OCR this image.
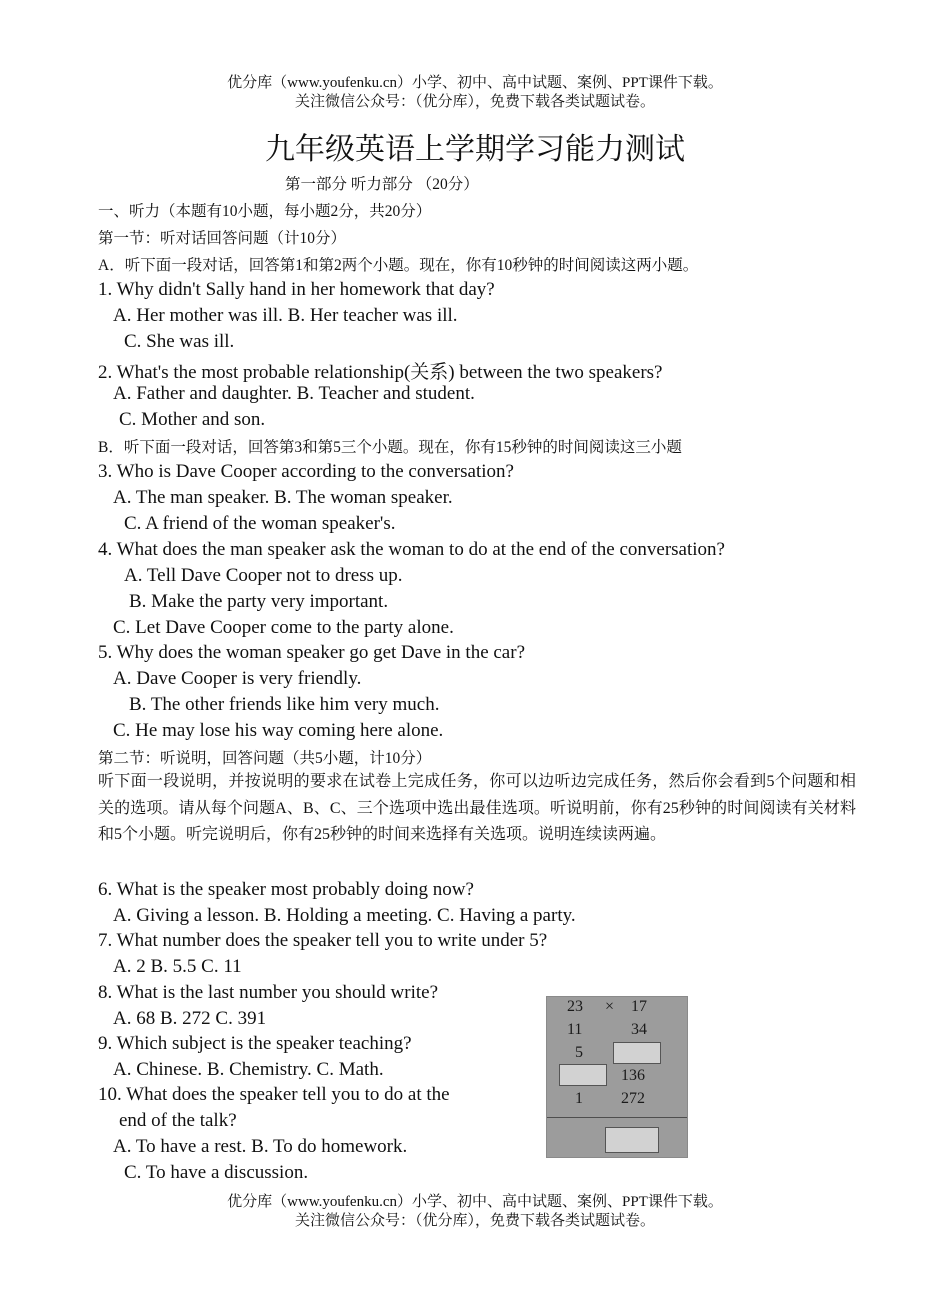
优分库（www.youfenku.cn）小学、初中、高中试题、案例、PPT课件下载。
关注微信公众号：（优分库），免费下载各类试题试卷。
九年级英语上学期学习能力测试
第一部分 听力部分 （20分）
一、听力（本题有10小题，每小题2分，共20分）
第一节：听对话回答问题（计10分）
A．听下面一段对话，回答第1和第2两个小题。现在，你有10秒钟的时间阅读这两小题。
1. Why didn't Sally hand in her homework that day?
A. Her mother was ill. B. Her teacher was ill.
C. She was ill.
2. What's the most probable relationship(关系) between the two speakers?
A. Father and daughter. B. Teacher and student.
C. Mother and son.
B．听下面一段对话，回答第3和第5三个小题。现在，你有15秒钟的时间阅读这三小题
3. Who is Dave Cooper according to the conversation?
A. The man speaker. B. The woman speaker.
C. A friend of the woman speaker's.
4. What does the man speaker ask the woman to do at the end of the conversation?
A. Tell Dave Cooper not to dress up.
B. Make the party very important.
C. Let Dave Cooper come to the party alone.
5. Why does the woman speaker go get Dave in the car?
A. Dave Cooper is very friendly.
B. The other friends like him very much.
C. He may lose his way coming here alone.
第二节：听说明，回答问题（共5小题，计10分）
听下面一段说明，并按说明的要求在试卷上完成任务，你可以边听边完成任务，然后你会看到5个问题和相关的选项。请从每个问题A、B、C、三个选项中选出最佳选项。听说明前，你有25秒钟的时间阅读有关材料和5个小题。听完说明后，你有25秒钟的时间来选择有关选项。说明连续读两遍。
6. What is the speaker most probably doing now?
A. Giving a lesson. B. Holding a meeting. C. Having a party.
7. What number does the speaker tell you to write under 5?
A. 2 B. 5.5 C. 11
8. What is the last number you should write?
A. 68 B. 272 C. 391
9. Which subject is the speaker teaching?
A. Chinese. B. Chemistry. C. Math.
10. What does the speaker tell you to do at the
end of the talk?
A. To have a rest. B. To do homework.
C. To have a discussion.
23 × 17
11	34
5
136
1 272
优分库（www.youfenku.cn）小学、初中、高中试题、案例、PPT课件下载。
关注微信公众号：（优分库），免费下载各类试题试卷。
